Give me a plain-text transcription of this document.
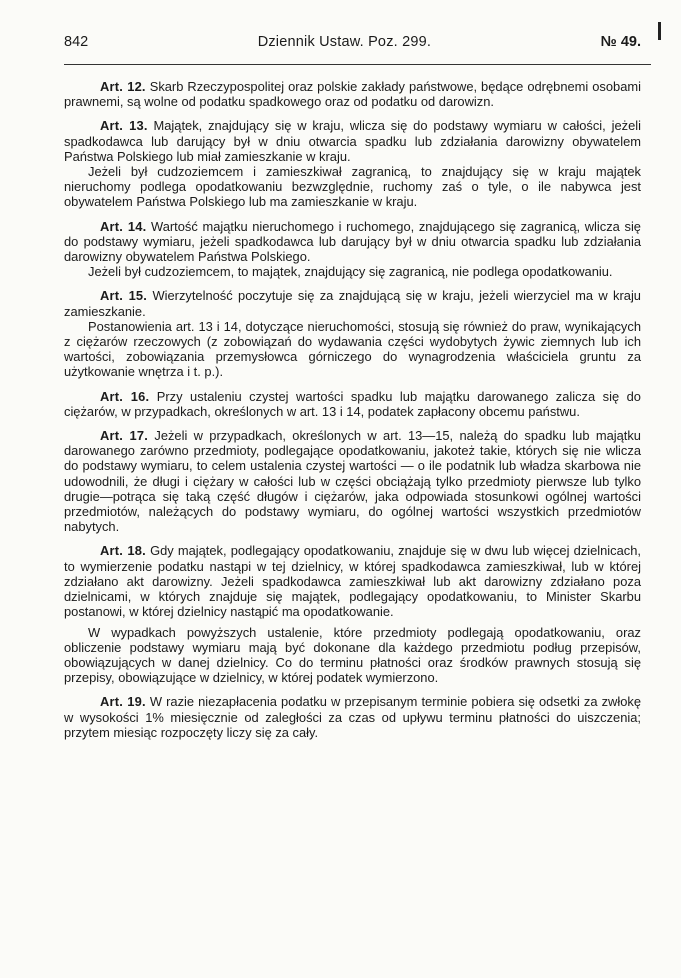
842	Dziennik Ustaw. Poz. 299.	№ 49.

Art. 12. Skarb Rzeczypospolitej oraz polskie zakłady państwowe, będące odrębnemi osobami prawnemi, są wolne od podatku spadkowego oraz od podatku od darowizn.

Art. 13. Majątek, znajdujący się w kraju, wlicza się do podstawy wymiaru w całości, jeżeli spadkodawca lub darujący był w dniu otwarcia spadku lub zdziałania darowizny obywatelem Państwa Polskiego lub miał zamieszkanie w kraju.

Jeżeli był cudzoziemcem i zamieszkiwał zagranicą, to znajdujący się w kraju majątek nieruchomy podlega opodatkowaniu bezwzględnie, ruchomy zaś o tyle, o ile nabywca jest obywatelem Państwa Polskiego lub ma zamieszkanie w kraju.

Art. 14. Wartość majątku nieruchomego i ruchomego, znajdującego się zagranicą, wlicza się do podstawy wymiaru, jeżeli spadkodawca lub darujący był w dniu otwarcia spadku lub zdziałania darowizny obywatelem Państwa Polskiego.

Jeżeli był cudzoziemcem, to majątek, znajdujący się zagranicą, nie podlega opodatkowaniu.

Art. 15. Wierzytelność poczytuje się za znajdującą się w kraju, jeżeli wierzyciel ma w kraju zamieszkanie.

Postanowienia art. 13 i 14, dotyczące nieruchomości, stosują się również do praw, wynikających z ciężarów rzeczowych (z zobowiązań do wydawania części wydobytych żywic ziemnych lub ich wartości, zobowiązania przemysłowca górniczego do wynagrodzenia właściciela gruntu za użytkowanie wnętrza i t. p.).

Art. 16. Przy ustaleniu czystej wartości spadku lub majątku darowanego zalicza się do ciężarów, w przypadkach, określonych w art. 13 i 14, podatek zapłacony obcemu państwu.

Art. 17. Jeżeli w przypadkach, określonych w art. 13—15, należą do spadku lub majątku darowanego zarówno przedmioty, podlegające opodatkowaniu, jakoteż takie, których się nie wlicza do podstawy wymiaru, to celem ustalenia czystej wartości — o ile podatnik lub władza skarbowa nie udowodnili, że długi i ciężary w całości lub w części obciążają tylko przedmioty pierwsze lub tylko drugie—potrąca się taką część długów i ciężarów, jaka odpowiada stosunkowi ogólnej wartości przedmiotów, należących do podstawy wymiaru, do ogólnej wartości wszystkich przedmiotów nabytych.

Art. 18. Gdy majątek, podlegający opodatkowaniu, znajduje się w dwu lub więcej dzielnicach, to wymierzenie podatku nastąpi w tej dzielnicy, w której spadkodawca zamieszkiwał, lub w której zdziałano akt darowizny. Jeżeli spadkodawca zamieszkiwał lub akt darowizny zdziałano poza dzielnicami, w których znajduje się majątek, podlegający opodatkowaniu, to Minister Skarbu postanowi, w której dzielnicy nastąpić ma opodatkowanie.

W wypadkach powyższych ustalenie, które przedmioty podlegają opodatkowaniu, oraz obliczenie podstawy wymiaru mają być dokonane dla każdego przedmiotu podług przepisów, obowiązujących w danej dzielnicy. Co do terminu płatności oraz środków prawnych stosują się przepisy, obowiązujące w dzielnicy, w której podatek wymierzono.

Art. 19. W razie niezapłacenia podatku w przepisanym terminie pobiera się odsetki za zwłokę w wysokości 1% miesięcznie od zaległości za czas od upływu terminu płatności do uiszczenia; przytem miesiąc rozpoczęty liczy się za cały.
